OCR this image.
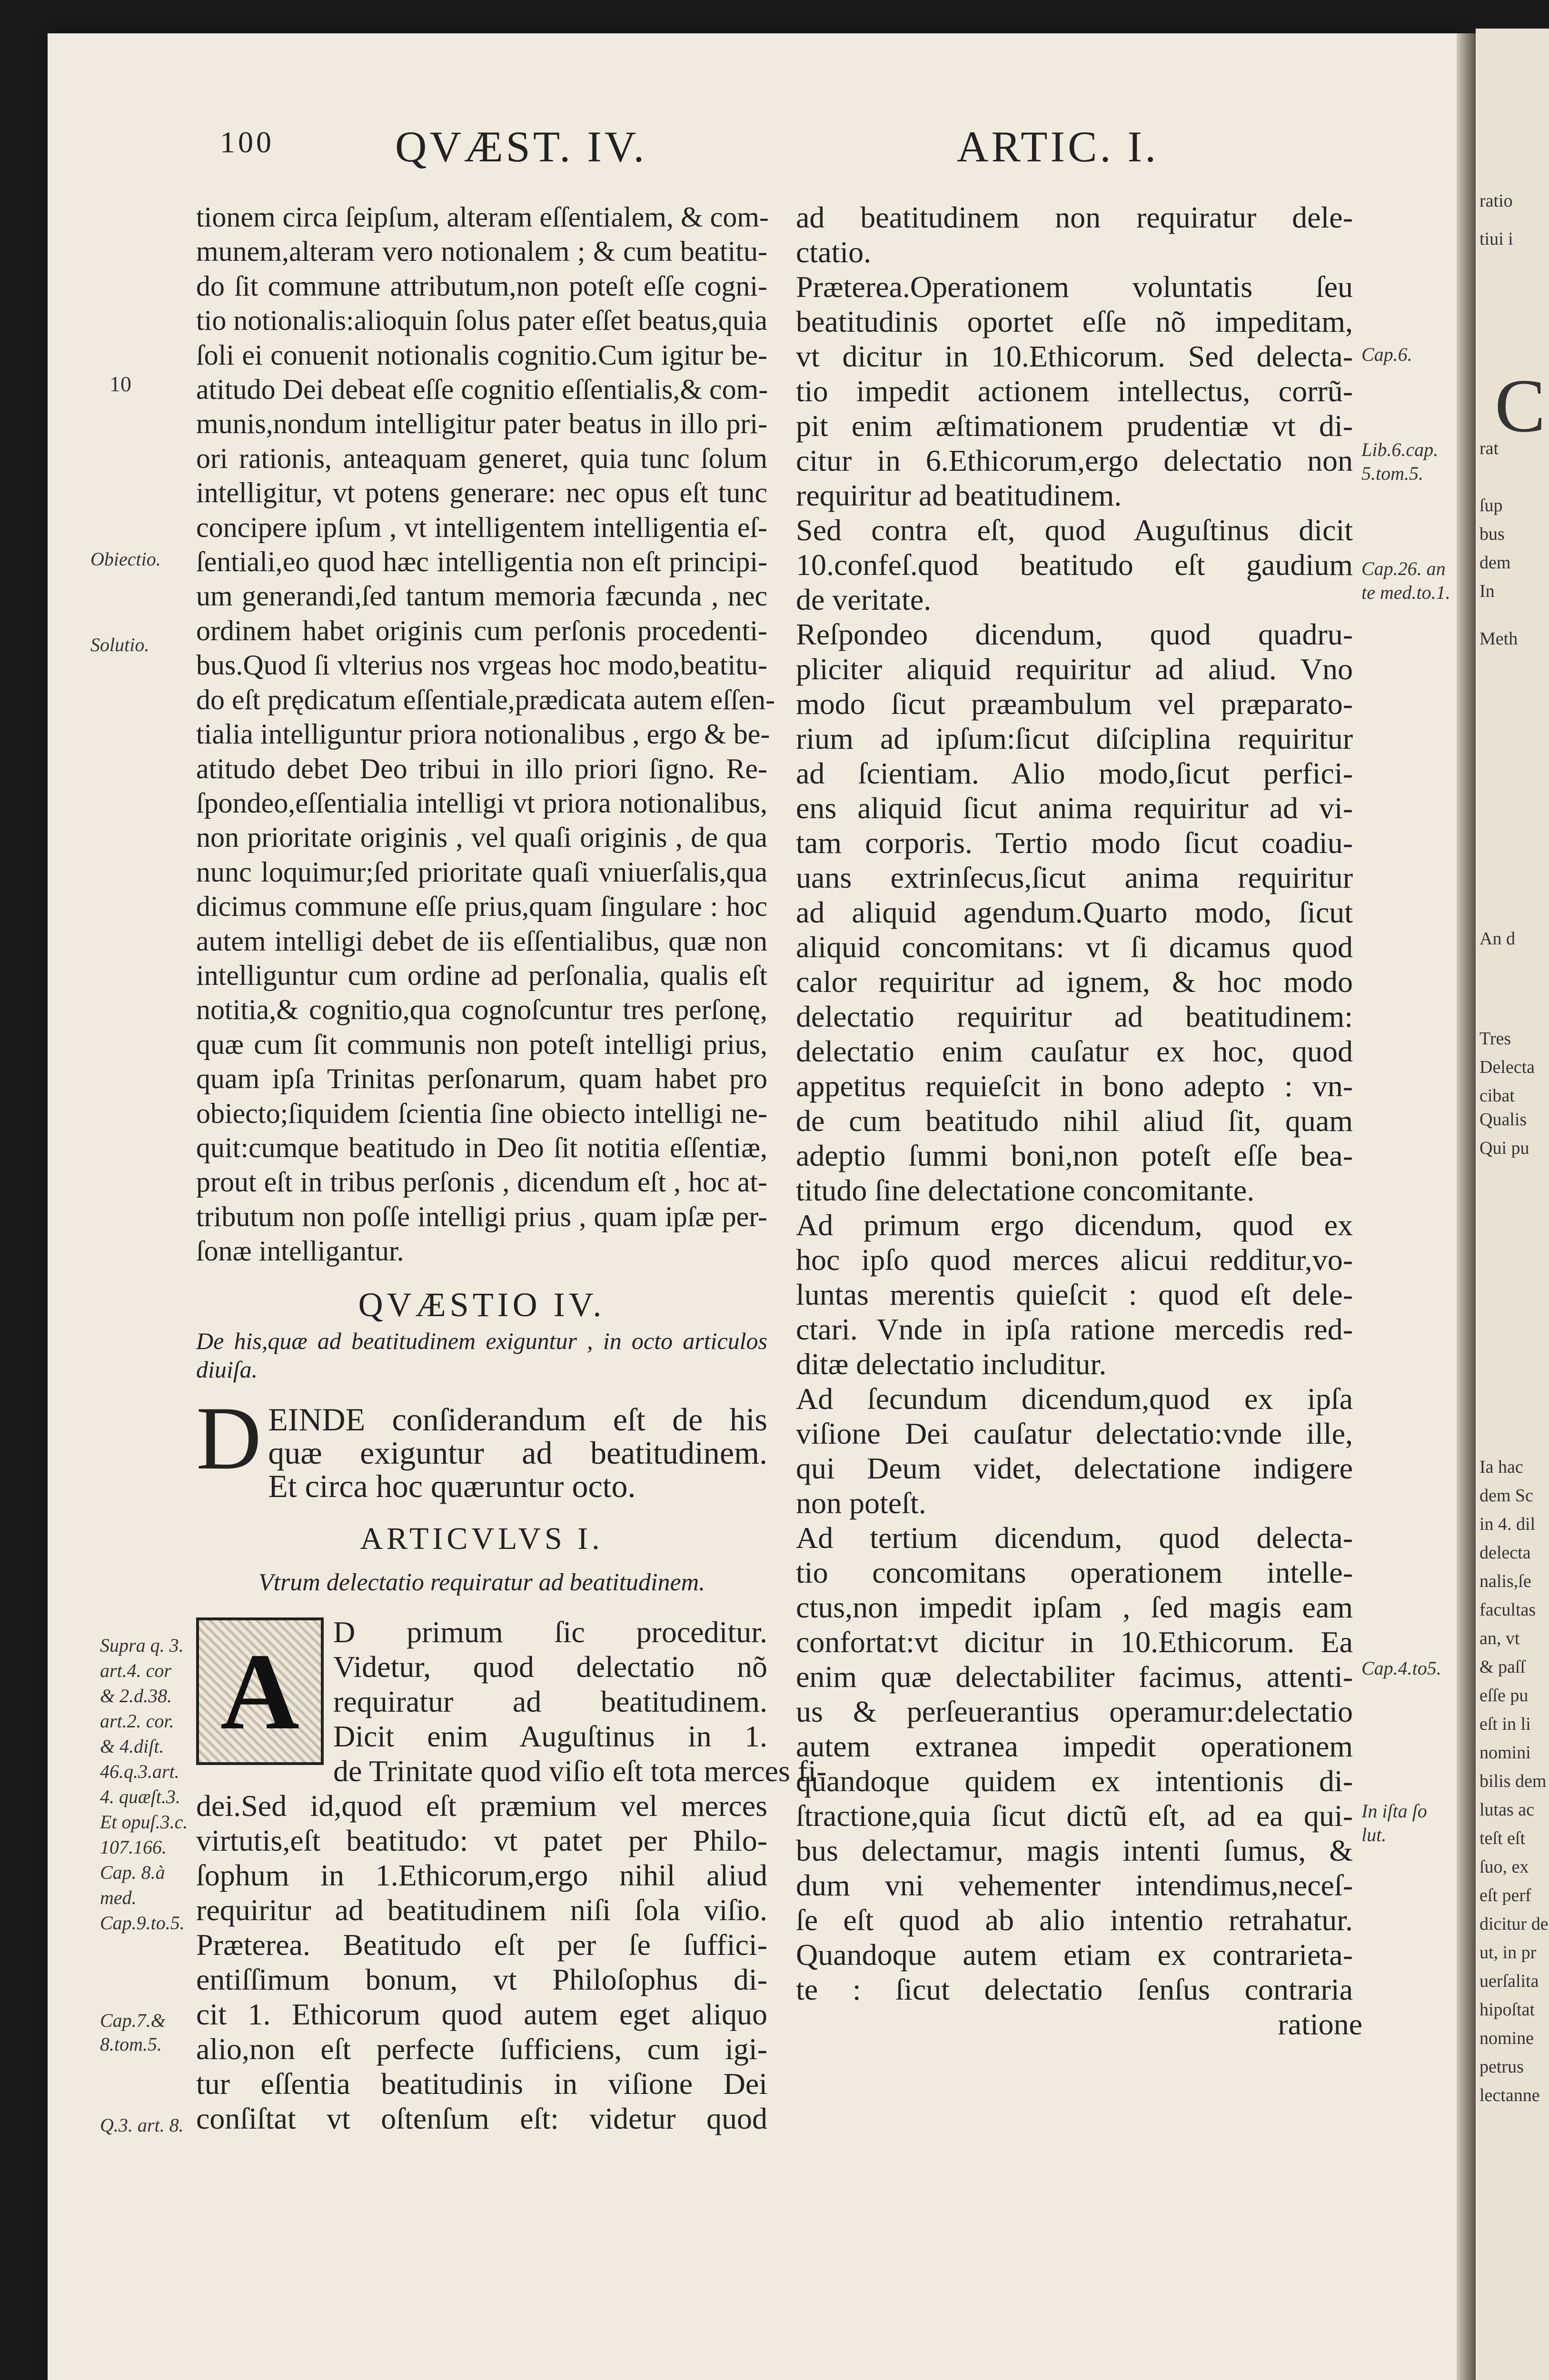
ratio
tiui i
C
rat
ſup
bus
dem
In
Meth
An d
Tres
Delecta
cibat
Qualis
Qui pu
Ia hac
dem Sc
in 4. dil
delecta
nalis,ſe
facultas
an, vt
& paſſ
eſſe pu
eſt in li
nomini
bilis dem
lutas ac
teſt eſt
ſuo, ex
eſt perf
dicitur de
ut, in pr
uerſalita
hipoſtat
nomine
petrus
lectanne
100	QVÆST. IV.	ARTIC. I.
10
Obiectio.
Solutio.
Supra q. 3.
art.4. cor
& 2.d.38.
art.2. cor.
& 4.diſt.
46.q.3.art.
4. quæſt.3.
Et opuſ.3.c.
107.166.
Cap. 8.à
med.
Cap.9.to.5.
Cap.7.&
8.tom.5.
Q.3. art. 8.
Cap.6.
Lib.6.cap.
5.tom.5.
Cap.26. an
te med.to.1.
Cap.4.to5.
In iſta ſo
lut.
tionem circa ſeipſum, alteram eſſentialem, & com-
munem,alteram vero notionalem ; & cum beatitu-
do ſit commune attributum,non poteſt eſſe cogni-
tio notionalis:alioquin ſolus pater eſſet beatus,quia
ſoli ei conuenit notionalis cognitio.Cum igitur be-
atitudo Dei debeat eſſe cognitio eſſentialis,& com-
munis,nondum intelligitur pater beatus in illo pri-
ori rationis, anteaquam generet, quia tunc ſolum
intelligitur, vt potens generare: nec opus eſt tunc
concipere ipſum , vt intelligentem intelligentia eſ-
ſentiali,eo quod hæc intelligentia non eſt principi-
um generandi,ſed tantum memoria fæcunda , nec
ordinem habet originis cum perſonis procedenti-
bus.Quod ſi vlterius nos vrgeas hoc modo,beatitu-
do eſt prędicatum eſſentiale,prædicata autem eſſen-
tialia intelliguntur priora notionalibus , ergo & be-
atitudo debet Deo tribui in illo priori ſigno. Re-
ſpondeo,eſſentialia intelligi vt priora notionalibus,
non prioritate originis , vel quaſi originis , de qua
nunc loquimur;ſed prioritate quaſi vniuerſalis,qua
dicimus commune eſſe prius,quam ſingulare : hoc
autem intelligi debet de iis eſſentialibus, quæ non
intelliguntur cum ordine ad perſonalia, qualis eſt
notitia,& cognitio,qua cognoſcuntur tres perſonę,
quæ cum ſit communis non poteſt intelligi prius,
quam ipſa Trinitas perſonarum, quam habet pro
obiecto;ſiquidem ſcientia ſine obiecto intelligi ne-
quit:cumque beatitudo in Deo ſit notitia eſſentiæ,
prout eſt in tribus perſonis , dicendum eſt , hoc at-
tributum non poſſe intelligi prius , quam ipſæ per-
ſonæ intelligantur.
QVÆSTIO IV.
De his,quæ ad beatitudinem exiguntur , in octo articulos diuiſa.
D EINDE conſiderandum eſt de his
quæ exiguntur ad beatitudinem.
Et circa hoc quæruntur octo.
ARTICVLVS I.
Vtrum delectatio requiratur ad beatitudinem.
A	D primum ſic proceditur.
Videtur, quod delectatio nõ
requiratur ad beatitudinem.
Dicit enim Auguſtinus in 1.
de Trinitate quod viſio eſt tota merces fi-
dei.Sed id,quod eſt præmium vel merces
virtutis,eſt beatitudo: vt patet per Philo-
ſophum in 1.Ethicorum,ergo nihil aliud
requiritur ad beatitudinem niſi ſola viſio.
Præterea. Beatitudo eſt per ſe ſuffici-
entiſſimum bonum, vt Philoſophus di-
cit 1. Ethicorum quod autem eget aliquo
alio,non eſt perfecte ſufficiens, cum igi-
tur eſſentia beatitudinis in viſione Dei
conſiſtat vt oſtenſum eſt: videtur quod
ad beatitudinem non requiratur dele-
ctatio.
Præterea.Operationem voluntatis ſeu
beatitudinis oportet eſſe nõ impeditam,
vt dicitur in 10.Ethicorum. Sed delecta-
tio impedit actionem intellectus, corrũ-
pit enim æſtimationem prudentiæ vt di-
citur in 6.Ethicorum,ergo delectatio non
requiritur ad beatitudinem.
Sed contra eſt, quod Auguſtinus dicit
10.confeſ.quod beatitudo eſt gaudium
de veritate.
Reſpondeo dicendum, quod quadru-
pliciter aliquid requiritur ad aliud. Vno
modo ſicut præambulum vel præparato-
rium ad ipſum:ſicut diſciplina requiritur
ad ſcientiam. Alio modo,ſicut perfici-
ens aliquid ſicut anima requiritur ad vi-
tam corporis. Tertio modo ſicut coadiu-
uans extrinſecus,ſicut anima requiritur
ad aliquid agendum.Quarto modo, ſicut
aliquid concomitans: vt ſi dicamus quod
calor requiritur ad ignem, & hoc modo
delectatio requiritur ad beatitudinem:
delectatio enim cauſatur ex hoc, quod
appetitus requieſcit in bono adepto : vn-
de cum beatitudo nihil aliud ſit, quam
adeptio ſummi boni,non poteſt eſſe bea-
titudo ſine delectatione concomitante.
Ad primum ergo dicendum, quod ex
hoc ipſo quod merces alicui redditur,vo-
luntas merentis quieſcit : quod eſt dele-
ctari. Vnde in ipſa ratione mercedis red-
ditæ delectatio includitur.
Ad ſecundum dicendum,quod ex ipſa
viſione Dei cauſatur delectatio:vnde ille,
qui Deum videt, delectatione indigere
non poteſt.
Ad tertium dicendum, quod delecta-
tio concomitans operationem intelle-
ctus,non impedit ipſam , ſed magis eam
confortat:vt dicitur in 10.Ethicorum. Ea
enim quæ delectabiliter facimus, attenti-
us & perſeuerantius operamur:delectatio
autem extranea impedit operationem
quandoque quidem ex intentionis di-
ſtractione,quia ſicut dictũ eſt, ad ea qui-
bus delectamur, magis intenti ſumus, &
dum vni vehementer intendimus,neceſ-
ſe eſt quod ab alio intentio retrahatur.
Quandoque autem etiam ex contrarieta-
te : ſicut delectatio ſenſus contraria
ratione
